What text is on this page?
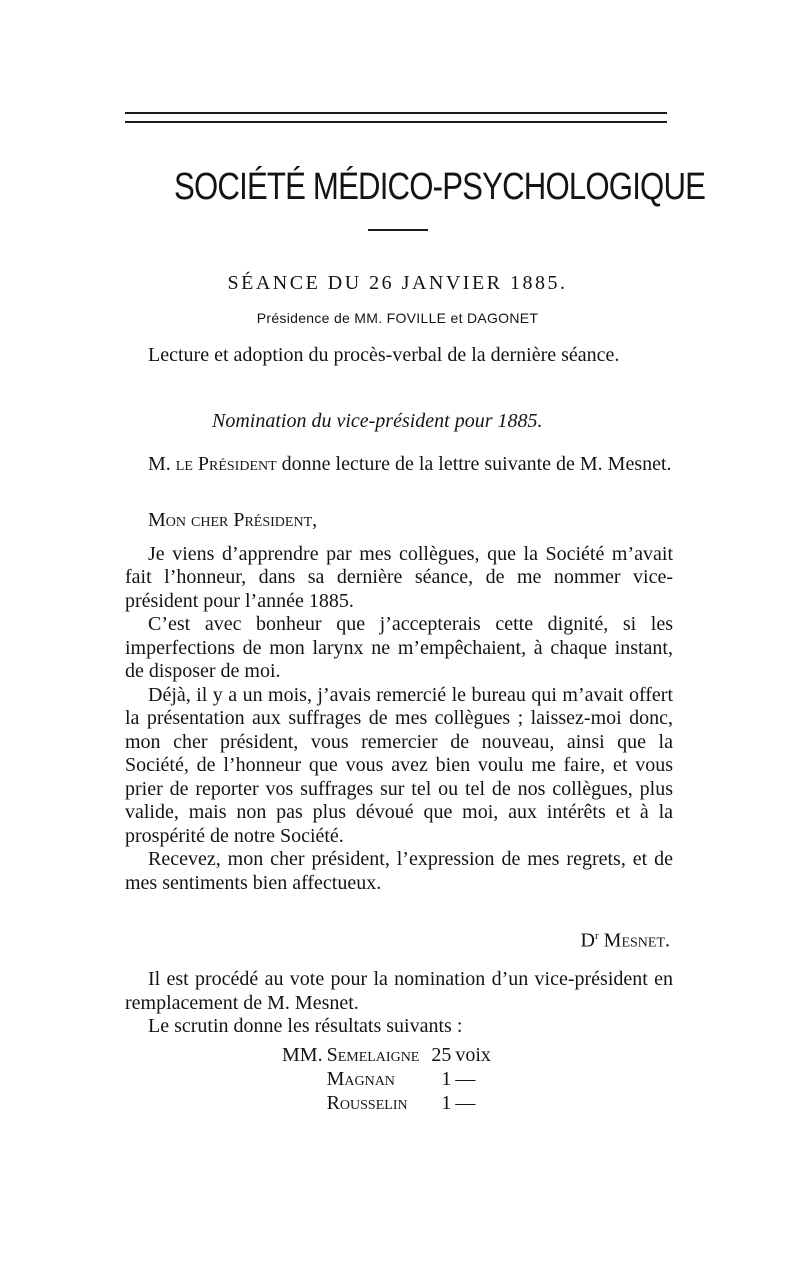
SOCIÉTÉ MÉDICO-PSYCHOLOGIQUE
SÉANCE DU 26 JANVIER 1885.
Présidence de MM. FOVILLE et DAGONET

Lecture et adoption du procès-verbal de la dernière séance.

Nomination du vice-président pour 1885.

M. le Président donne lecture de la lettre suivante de M. Mesnet.

Mon cher Président,

Je viens d’apprendre par mes collègues, que la Société m’avait fait l’honneur, dans sa dernière séance, de me nommer vice-président pour l’année 1885.

C’est avec bonheur que j’accepterais cette dignité, si les imperfections de mon larynx ne m’empêchaient, à chaque instant, de disposer de moi.

Déjà, il y a un mois, j’avais remercié le bureau qui m’avait offert la présentation aux suffrages de mes collègues ; laissez-moi donc, mon cher président, vous remercier de nouveau, ainsi que la Société, de l’honneur que vous avez bien voulu me faire, et vous prier de reporter vos suffrages sur tel ou tel de nos collègues, plus valide, mais non pas plus dévoué que moi, aux intérêts et à la prospérité de notre Société.

Recevez, mon cher président, l’expression de mes regrets, et de mes sentiments bien affectueux.

$D^r$ Mesnet.

Il est procédé au vote pour la nomination d’un vice-président en remplacement de M. Mesnet.

Le scrutin donne les résultats suivants :

MM.	Semelaigne	25	voix
	Magnan	1	—
	Rousselin	1	—
